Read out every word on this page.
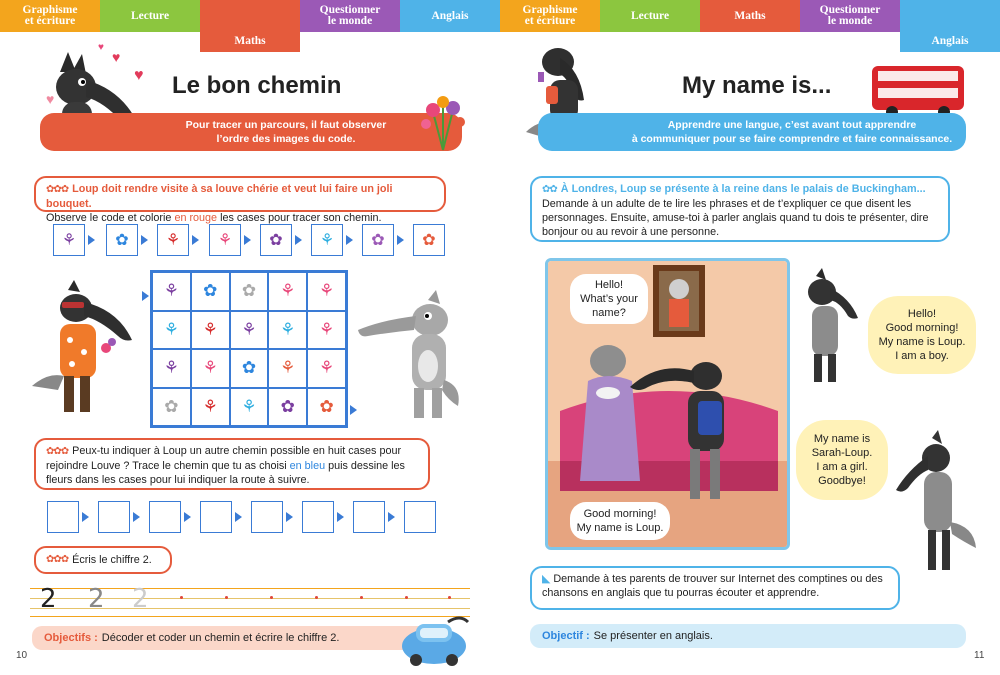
Graphisme
et écriture	Lecture
Maths
Questionner
le monde	Anglais
♥
♥
♥
♥	Le bon chemin
Pour tracer un parcours, il faut observer
l’ordre des images du code.
✿✿✿ Loup doit rendre visite à sa louve chérie et veut lui faire un joli bouquet.
Observe le code et colorie en rouge les cases pour tracer son chemin.
⚘	✿	⚘	⚘	✿	⚘	✿	✿
⚘	✿	✿	⚘	⚘
⚘	⚘	⚘	⚘	⚘
⚘	⚘	✿	⚘	⚘
✿	⚘	⚘	✿	✿
✿✿✿ Peux-tu indiquer à Loup un autre chemin possible en huit cases pour rejoindre Louve ? Trace le chemin que tu as choisi en bleu puis dessine les fleurs dans les cases pour lui indiquer la route à suivre.
✿✿✿ Écris le chiffre 2.
2 2 2
Objectifs : Décoder et coder un chemin et écrire le chiffre 2.
10
Graphisme
et écriture	Lecture	Maths	Questionner
le monde
Anglais
My name is...
Apprendre une langue, c’est avant tout apprendre
à communiquer pour se faire comprendre et faire connaissance.
✿✿ À Londres, Loup se présente à la reine dans le palais de Buckingham...
Demande à un adulte de te lire les phrases et de t’expliquer ce que disent les personnages. Ensuite, amuse-toi à parler anglais quand tu dois te présenter, dire bonjour ou au revoir à une personne.
◣ Demande à tes parents de trouver sur Internet des comptines ou des chansons en anglais que tu pourras écouter et apprendre.
Objectif : Se présenter en anglais.
11
Hello!
What’s your
name?
Good morning!
My name is Loup.
Hello!
Good morning!
My name is Loup.
I am a boy.
My name is
Sarah-Loup.
I am a girl.
Goodbye!
